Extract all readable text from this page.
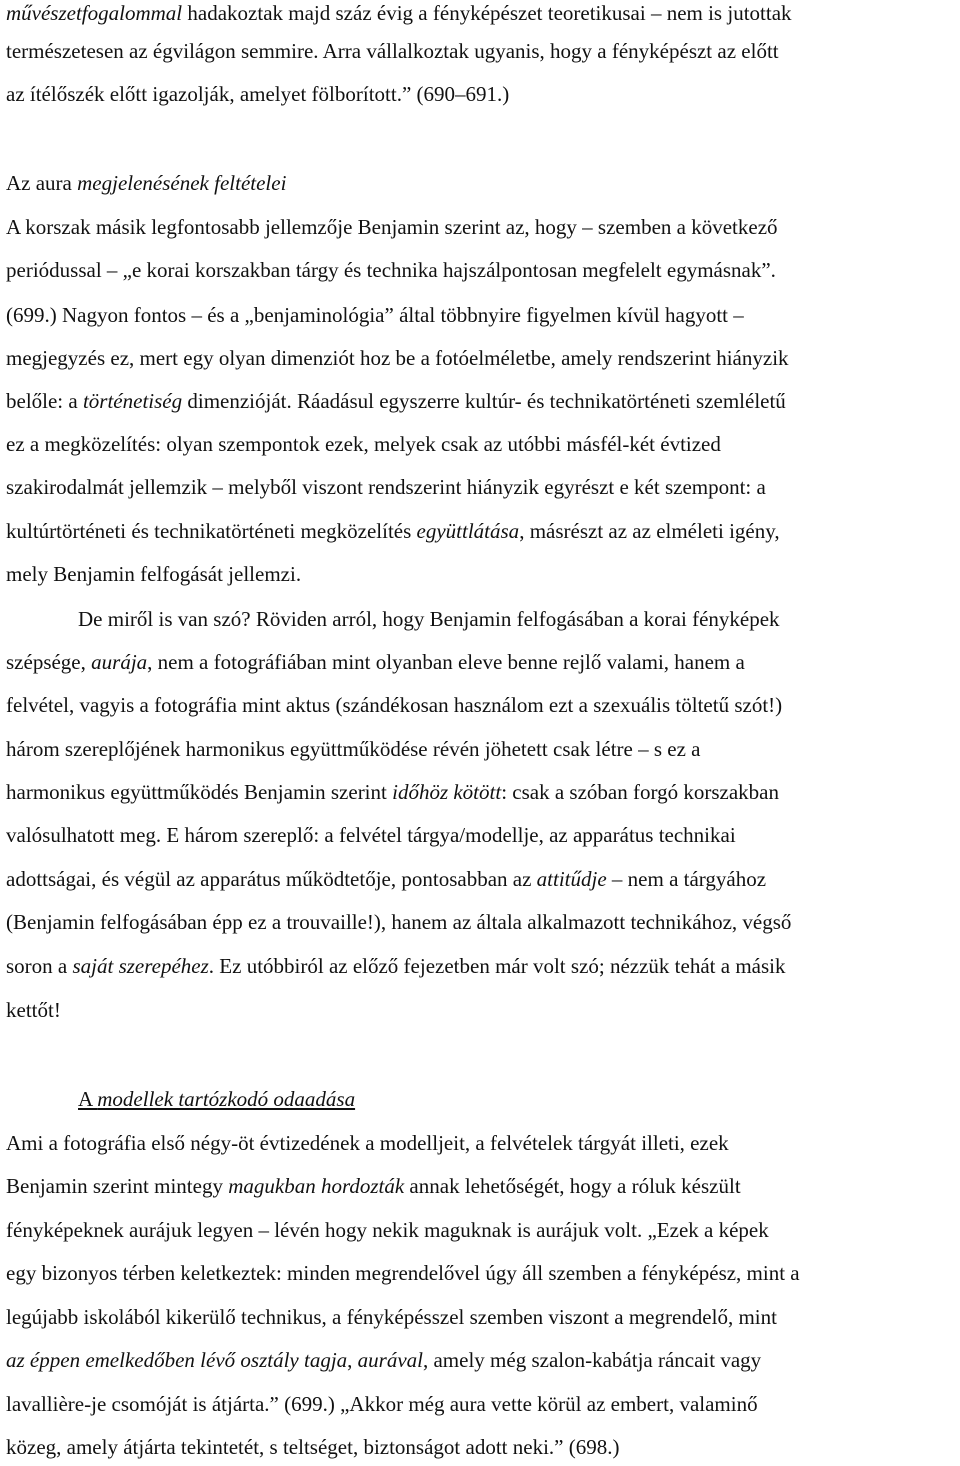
művészetfogalommal hadakoztak majd száz évig a fényképészet teoretikusai – nem is jutottak
természetesen az égvilágon semmire. Arra vállalkoztak ugyanis, hogy a fényképészt az előtt
az ítélőszék előtt igazolják, amelyet fölborított.” (690–691.)
Az aura megjelenésének feltételei
A korszak másik legfontosabb jellemzője Benjamin szerint az, hogy – szemben a következő
periódussal – „e korai korszakban tárgy és technika hajszálpontosan megfelelt egymásnak”.
(699.) Nagyon fontos – és a „benjaminológia” által többnyire figyelmen kívül hagyott –
megjegyzés ez, mert egy olyan dimenziót hoz be a fotóelméletbe, amely rendszerint hiányzik
belőle: a történetiség dimenzióját. Ráadásul egyszerre kultúr- és technikatörténeti szemléletű
ez a megközelítés: olyan szempontok ezek, melyek csak az utóbbi másfél-két évtized
szakirodalmát jellemzik – melyből viszont rendszerint hiányzik egyrészt e két szempont: a
kultúrtörténeti és technikatörténeti megközelítés együttlátása, másrészt az az elméleti igény,
mely Benjamin felfogását jellemzi.
De miről is van szó? Röviden arról, hogy Benjamin felfogásában a korai fényképek
szépsége, aurája, nem a fotográfiában mint olyanban eleve benne rejlő valami, hanem a
felvétel, vagyis a fotográfia mint aktus (szándékosan használom ezt a szexuális töltetű szót!)
három szereplőjének harmonikus együttműködése révén jöhetett csak létre – s ez a
harmonikus együttműködés Benjamin szerint időhöz kötött: csak a szóban forgó korszakban
valósulhatott meg. E három szereplő: a felvétel tárgya/modellje, az apparátus technikai
adottságai, és végül az apparátus működtetője, pontosabban az attitűdje – nem a tárgyához
(Benjamin felfogásában épp ez a trouvaille!), hanem az általa alkalmazott technikához, végső
soron a saját szerepéhez. Ez utóbbiról az előző fejezetben már volt szó; nézzük tehát a másik
kettőt!
A modellek tartózkodó odaadása
Ami a fotográfia első négy-öt évtizedének a modelljeit, a felvételek tárgyát illeti, ezek
Benjamin szerint mintegy magukban hordozták annak lehetőségét, hogy a róluk készült
fényképeknek aurájuk legyen – lévén hogy nekik maguknak is aurájuk volt. „Ezek a képek
egy bizonyos térben keletkeztek: minden megrendelővel úgy áll szemben a fényképész, mint a
legújabb iskolából kikerülő technikus, a fényképésszel szemben viszont a megrendelő, mint
az éppen emelkedőben lévő osztály tagja, aurával, amely még szalon-kabátja ráncait vagy
lavallière-je csomóját is átjárta.” (699.) „Akkor még aura vette körül az embert, valaminő
közeg, amely átjárta tekintetét, s teltséget, biztonságot adott neki.” (698.)
